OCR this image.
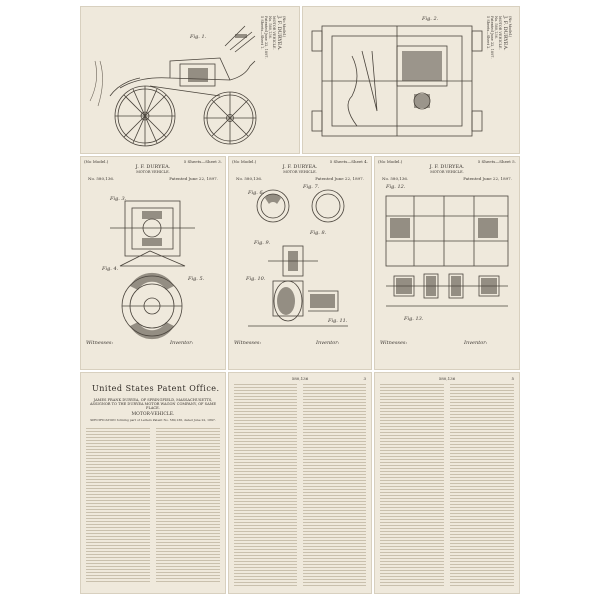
Fig. 1.	(No Model.)
J. F. DURYEA.
MOTOR VEHICLE.
No. 580,136.
Patented June 22, 1897.
5 Sheets—Sheet 1.	Fig. 2.	(No Model.)
J. F. DURYEA.
MOTOR VEHICLE.
No. 580,136.
Patented June 22, 1897.
5 Sheets—Sheet 2.
(No Model.)	5 Sheets—Sheet 3.
J. F. DURYEA.
MOTOR VEHICLE.
No. 580,136.	Patented June 22, 1897.
Fig. 3.
Fig. 4.
Fig. 5.
Witnesses:	Inventor:
(No Model.)	5 Sheets—Sheet 4.
J. F. DURYEA.
MOTOR VEHICLE.
No. 580,136.	Patented June 22, 1897.
Fig. 6.
Fig. 7.
Fig. 8.
Fig. 9.
Fig. 10.
Fig. 11.
Witnesses:	Inventor:
(No Model.)	5 Sheets—Sheet 5.
J. F. DURYEA.
MOTOR VEHICLE.
No. 580,136.	Patented June 22, 1897.
Fig. 12.
Fig. 13.
Witnesses:	Inventor:
United States Patent Office.
JAMES FRANK DURYEA, OF SPRINGFIELD, MASSACHUSETTS, ASSIGNOR TO THE DURYEA MOTOR WAGON COMPANY, OF SAME PLACE.
MOTOR-VEHICLE.
SPECIFICATION forming part of Letters Patent No. 580,136, dated June 22, 1897.
580,136	3	580,136	5
